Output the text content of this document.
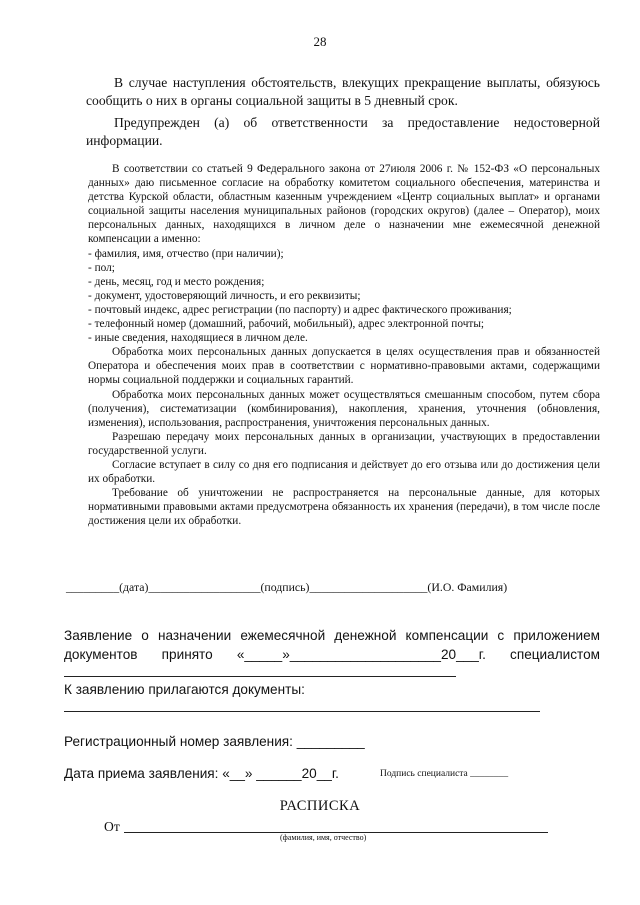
28

В случае наступления обстоятельств, влекущих прекращение выплаты, обязуюсь сообщить о них в органы социальной защиты в 5 дневный срок.

Предупрежден (а) об ответственности за предоставление недостоверной информации.

В соответствии со статьей 9 Федерального закона от 27июля 2006 г. № 152-ФЗ «О персональных данных» даю письменное согласие на обработку комитетом социального обеспечения, материнства и детства Курской области, областным казенным учреждением «Центр социальных выплат» и органами социальной защиты населения муниципальных районов (городских округов) (далее – Оператор), моих персональных данных, находящихся в личном деле о назначении мне ежемесячной денежной компенсации а именно:

- фамилия, имя, отчество (при наличии);
- пол;
- день, месяц, год и место рождения;
- документ, удостоверяющий личность, и его реквизиты;
- почтовый индекс, адрес регистрации (по паспорту) и адрес фактического проживания;
- телефонный номер (домашний, рабочий, мобильный), адрес электронной почты;
- иные сведения, находящиеся в личном деле.

Обработка моих персональных данных допускается в целях осуществления прав и обязанностей Оператора и обеспечения моих прав в соответствии с нормативно-правовыми актами, содержащими нормы социальной поддержки и социальных гарантий.

Обработка моих персональных данных может осуществляться смешанным способом, путем сбора (получения), систематизации (комбинирования), накопления, хранения, уточнения (обновления, изменения), использования, распространения, уничтожения персональных данных.

Разрешаю передачу моих персональных данных в организации, участвующих в предоставлении государственной услуги.

Согласие вступает в силу со дня его подписания и действует до его отзыва или до достижения цели их обработки.

Требование об уничтожении не распространяется на персональные данные, для которых нормативными правовыми актами предусмотрена обязанность их хранения (передачи), в том числе после достижения цели их обработки.

_________(дата)___________________(подпись)____________________(И.О. Фамилия)
Заявление о назначении ежемесячной денежной компенсации с приложением
документов принято «_____»____________________20___г. специалистом
К заявлению прилагаются документы:
Регистрационный номер заявления: _________
Дата приема заявления: «__» ______20__г.	Подпись специалиста ________
РАСПИСКА
От
(фамилия, имя, отчество)
